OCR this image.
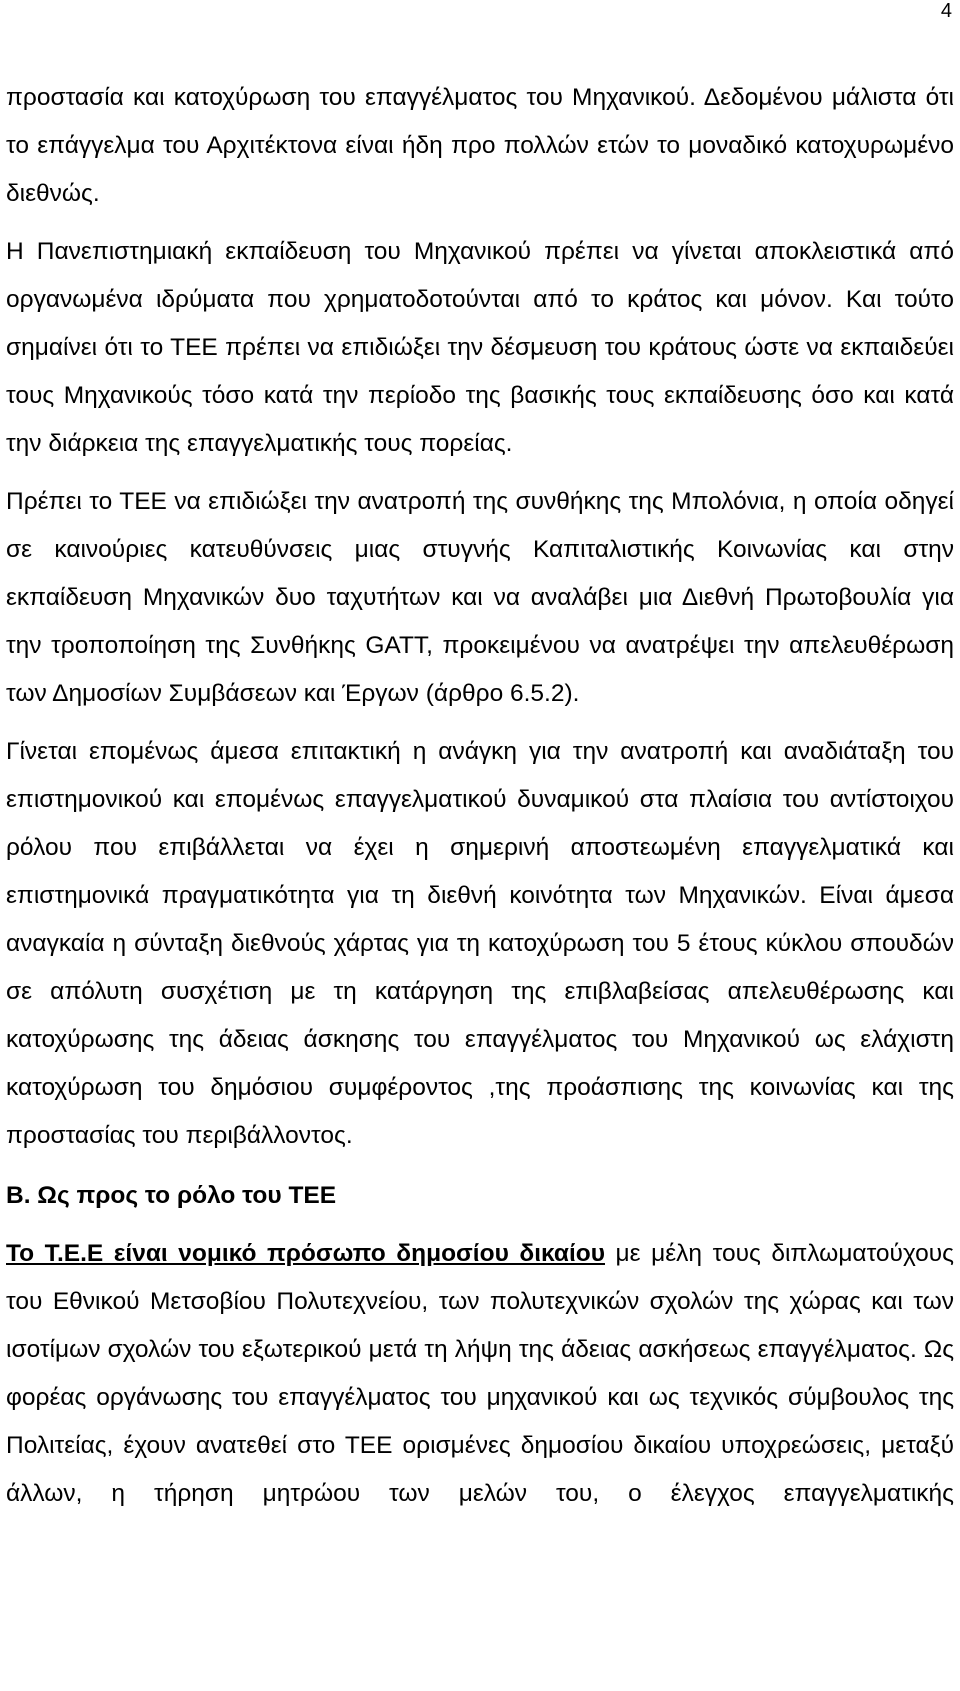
4

προστασία και κατοχύρωση του επαγγέλματος του Μηχανικού. Δεδομένου μάλιστα ότι το επάγγελμα του Αρχιτέκτονα είναι ήδη προ πολλών ετών το μοναδικό κατοχυρωμένο διεθνώς.

Η Πανεπιστημιακή εκπαίδευση του Μηχανικού πρέπει να γίνεται αποκλειστικά από οργανωμένα ιδρύματα που χρηματοδοτούνται από το κράτος και μόνον. Και τούτο σημαίνει ότι το ΤΕΕ πρέπει να επιδιώξει την δέσμευση του κράτους ώστε να εκπαιδεύει τους Μηχανικούς τόσο κατά την περίοδο της βασικής τους εκπαίδευσης όσο και κατά την διάρκεια της επαγγελματικής τους πορείας.

Πρέπει το ΤΕΕ να επιδιώξει την ανατροπή της συνθήκης της Μπολόνια, η οποία οδηγεί σε καινούριες κατευθύνσεις μιας στυγνής Καπιταλιστικής Κοινωνίας και στην εκπαίδευση Μηχανικών δυο ταχυτήτων και να αναλάβει μια Διεθνή Πρωτοβουλία για την τροποποίηση της Συνθήκης GATT, προκειμένου να ανατρέψει την απελευθέρωση των Δημοσίων Συμβάσεων και Έργων (άρθρο 6.5.2).

Γίνεται επομένως άμεσα επιτακτική η ανάγκη για την ανατροπή και αναδιάταξη του επιστημονικού και επομένως επαγγελματικού δυναμικού στα πλαίσια του αντίστοιχου ρόλου που επιβάλλεται να έχει η σημερινή αποστεωμένη επαγγελματικά και επιστημονικά πραγματικότητα για τη διεθνή κοινότητα των Μηχανικών. Είναι άμεσα αναγκαία η σύνταξη διεθνούς χάρτας για τη κατοχύρωση του 5 έτους κύκλου σπουδών σε απόλυτη συσχέτιση με τη κατάργηση της επιβλαβείσας απελευθέρωσης και κατοχύρωσης της άδειας άσκησης του επαγγέλματος του Μηχανικού ως ελάχιστη κατοχύρωση του δημόσιου συμφέροντος ,της προάσπισης της κοινωνίας και της προστασίας του περιβάλλοντος.

Β. Ως προς το ρόλο του ΤΕΕ

Το Τ.Ε.Ε είναι νομικό πρόσωπο δημοσίου δικαίου με μέλη τους διπλωματούχους του Εθνικού Μετσοβίου Πολυτεχνείου, των πολυτεχνικών σχολών της χώρας και των ισοτίμων σχολών του εξωτερικού μετά τη λήψη της άδειας ασκήσεως επαγγέλματος. Ως φορέας οργάνωσης του επαγγέλματος του μηχανικού και ως τεχνικός σύμβουλος της Πολιτείας, έχουν ανατεθεί στο ΤΕΕ ορισμένες δημοσίου δικαίου υποχρεώσεις, μεταξύ άλλων, η τήρηση μητρώου των μελών του, ο έλεγχος επαγγελματικής
